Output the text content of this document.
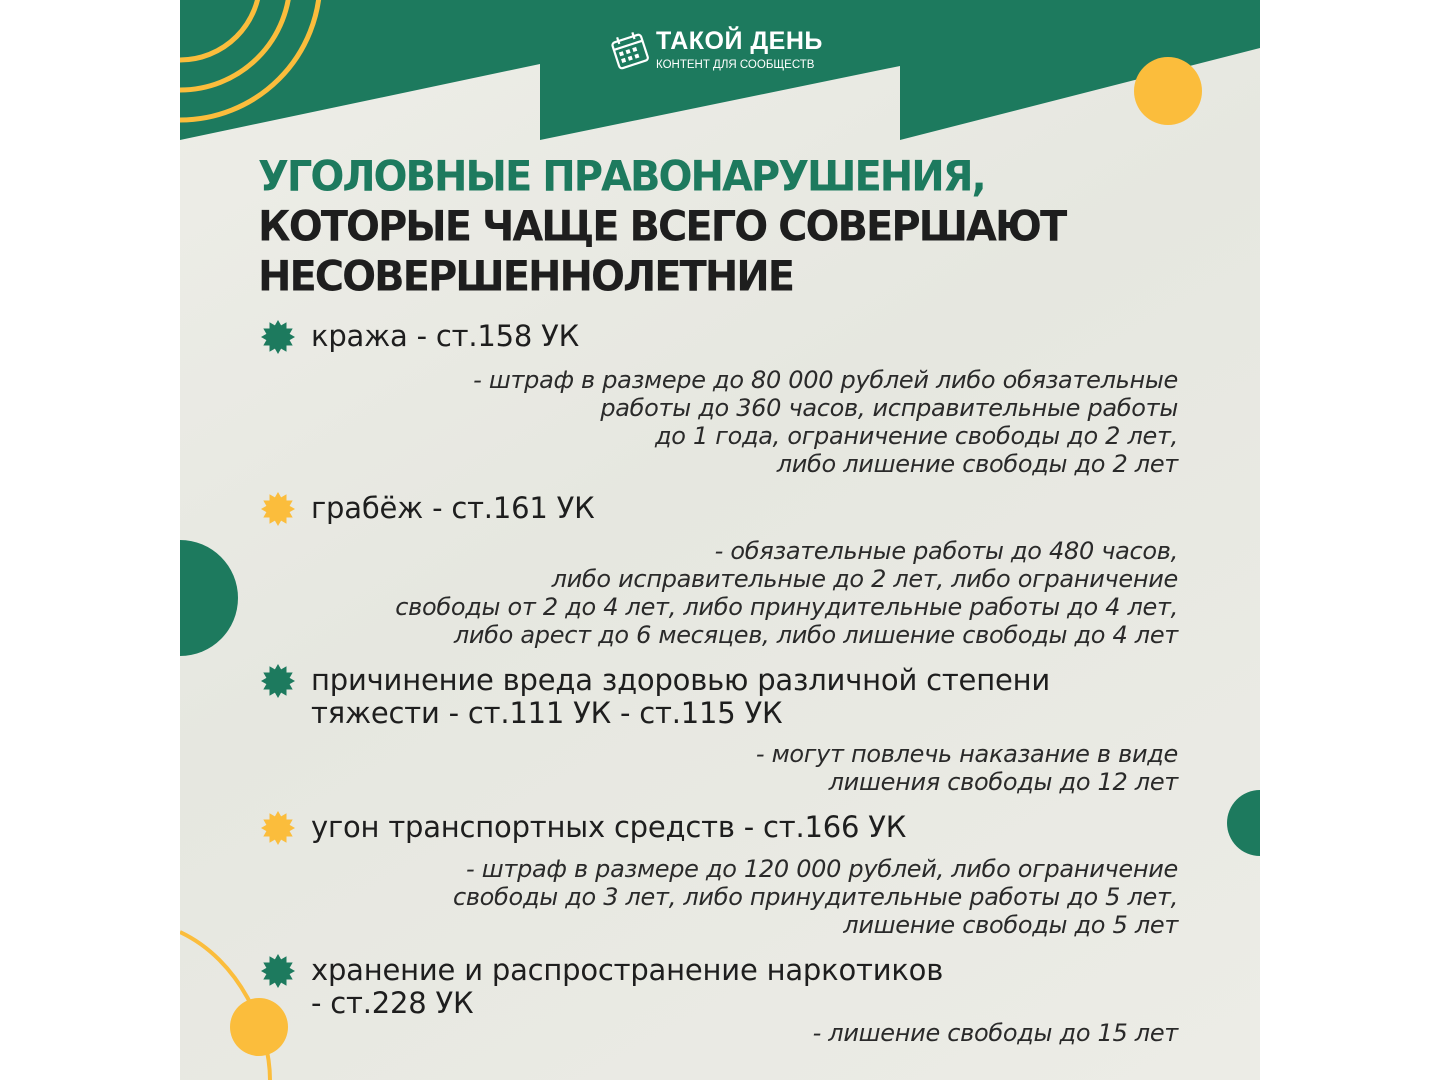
ТАКОЙ ДЕНЬ
КОНТЕНТ ДЛЯ СООБЩЕСТВ
УГОЛОВНЫЕ ПРАВОНАРУШЕНИЯ,
КОТОРЫЕ ЧАЩЕ ВСЕГО СОВЕРШАЮТ
НЕСОВЕРШЕННОЛЕТНИЕ
кража - ст.158 УК
- штраф в размере до 80 000 рублей либо обязательные
работы до 360 часов, исправительные работы
до 1 года, ограничение свободы до 2 лет,
либо лишение свободы до 2 лет
грабёж - ст.161 УК
- обязательные работы до 480 часов,
либо исправительные до 2 лет, либо ограничение
свободы от 2 до 4 лет, либо принудительные работы до 4 лет,
либо арест до 6 месяцев, либо лишение свободы до 4 лет
причинение вреда здоровью различной степени
тяжести - ст.111 УК - ст.115 УК
- могут повлечь наказание в виде
лишения свободы до 12 лет
угон транспортных средств - ст.166 УК
- штраф в размере до 120 000 рублей, либо ограничение
свободы до 3 лет, либо принудительные работы до 5 лет,
лишение свободы до 5 лет
хранение и распространение наркотиков
- ст.228 УК
- лишение свободы до 15 лет
